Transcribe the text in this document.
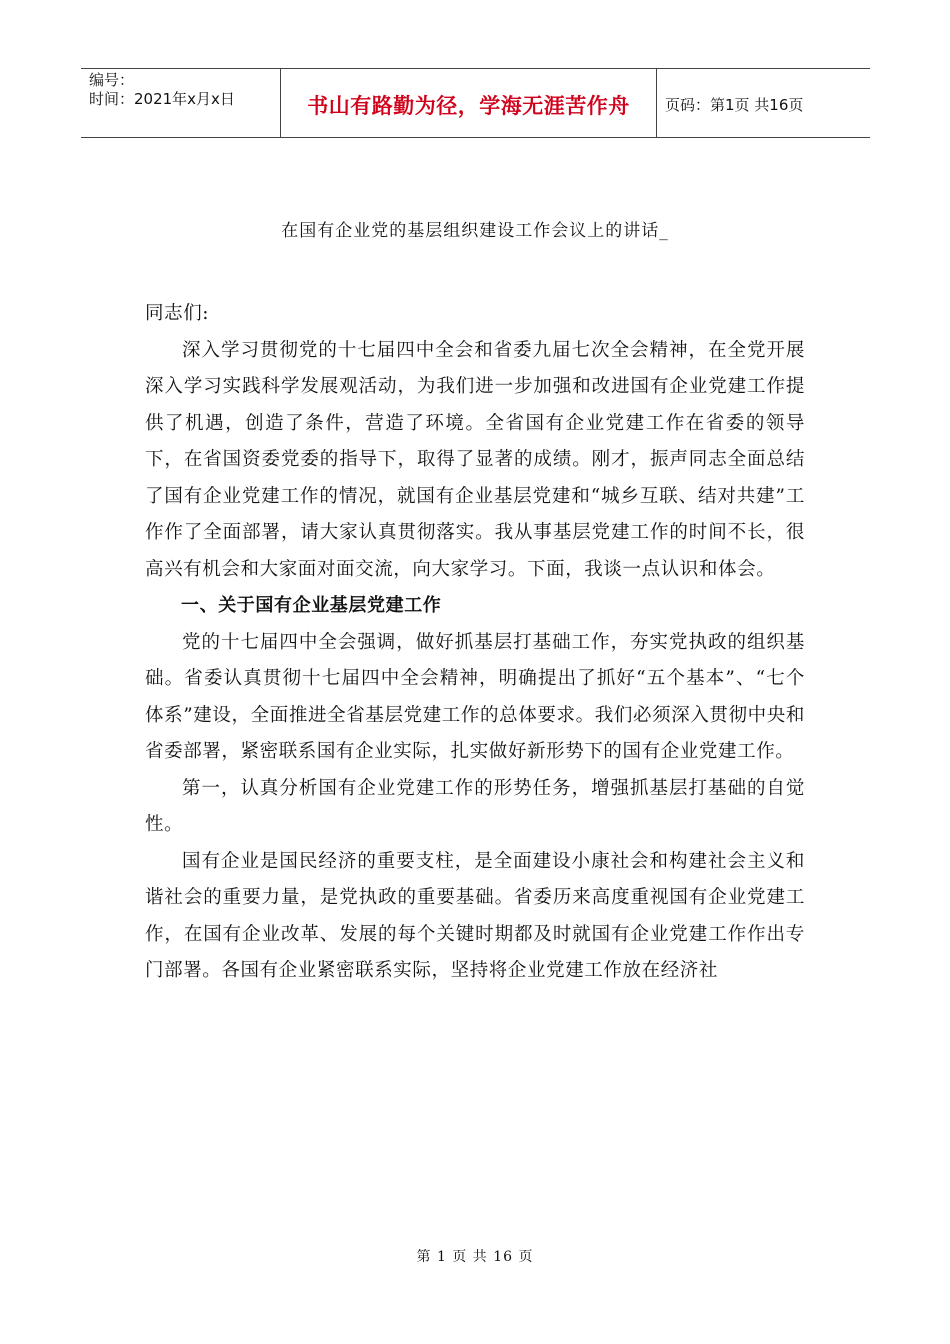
编号：
时间：2021年x月x日	书山有路勤为径，学海无涯苦作舟	页码：第1页 共16页
在国有企业党的基层组织建设工作会议上的讲话_

同志们:

深入学习贯彻党的十七届四中全会和省委九届七次全会精神，在全党开展深入学习实践科学发展观活动，为我们进一步加强和改进国有企业党建工作提供了机遇，创造了条件，营造了环境。全省国有企业党建工作在省委的领导下，在省国资委党委的指导下，取得了显著的成绩。刚才，振声同志全面总结了国有企业党建工作的情况，就国有企业基层党建和“城乡互联、结对共建”工作作了全面部署，请大家认真贯彻落实。我从事基层党建工作的时间不长，很高兴有机会和大家面对面交流，向大家学习。下面，我谈一点认识和体会。

一、关于国有企业基层党建工作

党的十七届四中全会强调，做好抓基层打基础工作，夯实党执政的组织基础。省委认真贯彻十七届四中全会精神，明确提出了抓好“五个基本”、“七个体系”建设，全面推进全省基层党建工作的总体要求。我们必须深入贯彻中央和省委部署，紧密联系国有企业实际，扎实做好新形势下的国有企业党建工作。

第一，认真分析国有企业党建工作的形势任务，增强抓基层打基础的自觉性。

国有企业是国民经济的重要支柱，是全面建设小康社会和构建社会主义和谐社会的重要力量，是党执政的重要基础。省委历来高度重视国有企业党建工作，在国有企业改革、发展的每个关键时期都及时就国有企业党建工作作出专门部署。各国有企业紧密联系实际，坚持将企业党建工作放在经济社

第 1 页 共 16 页
